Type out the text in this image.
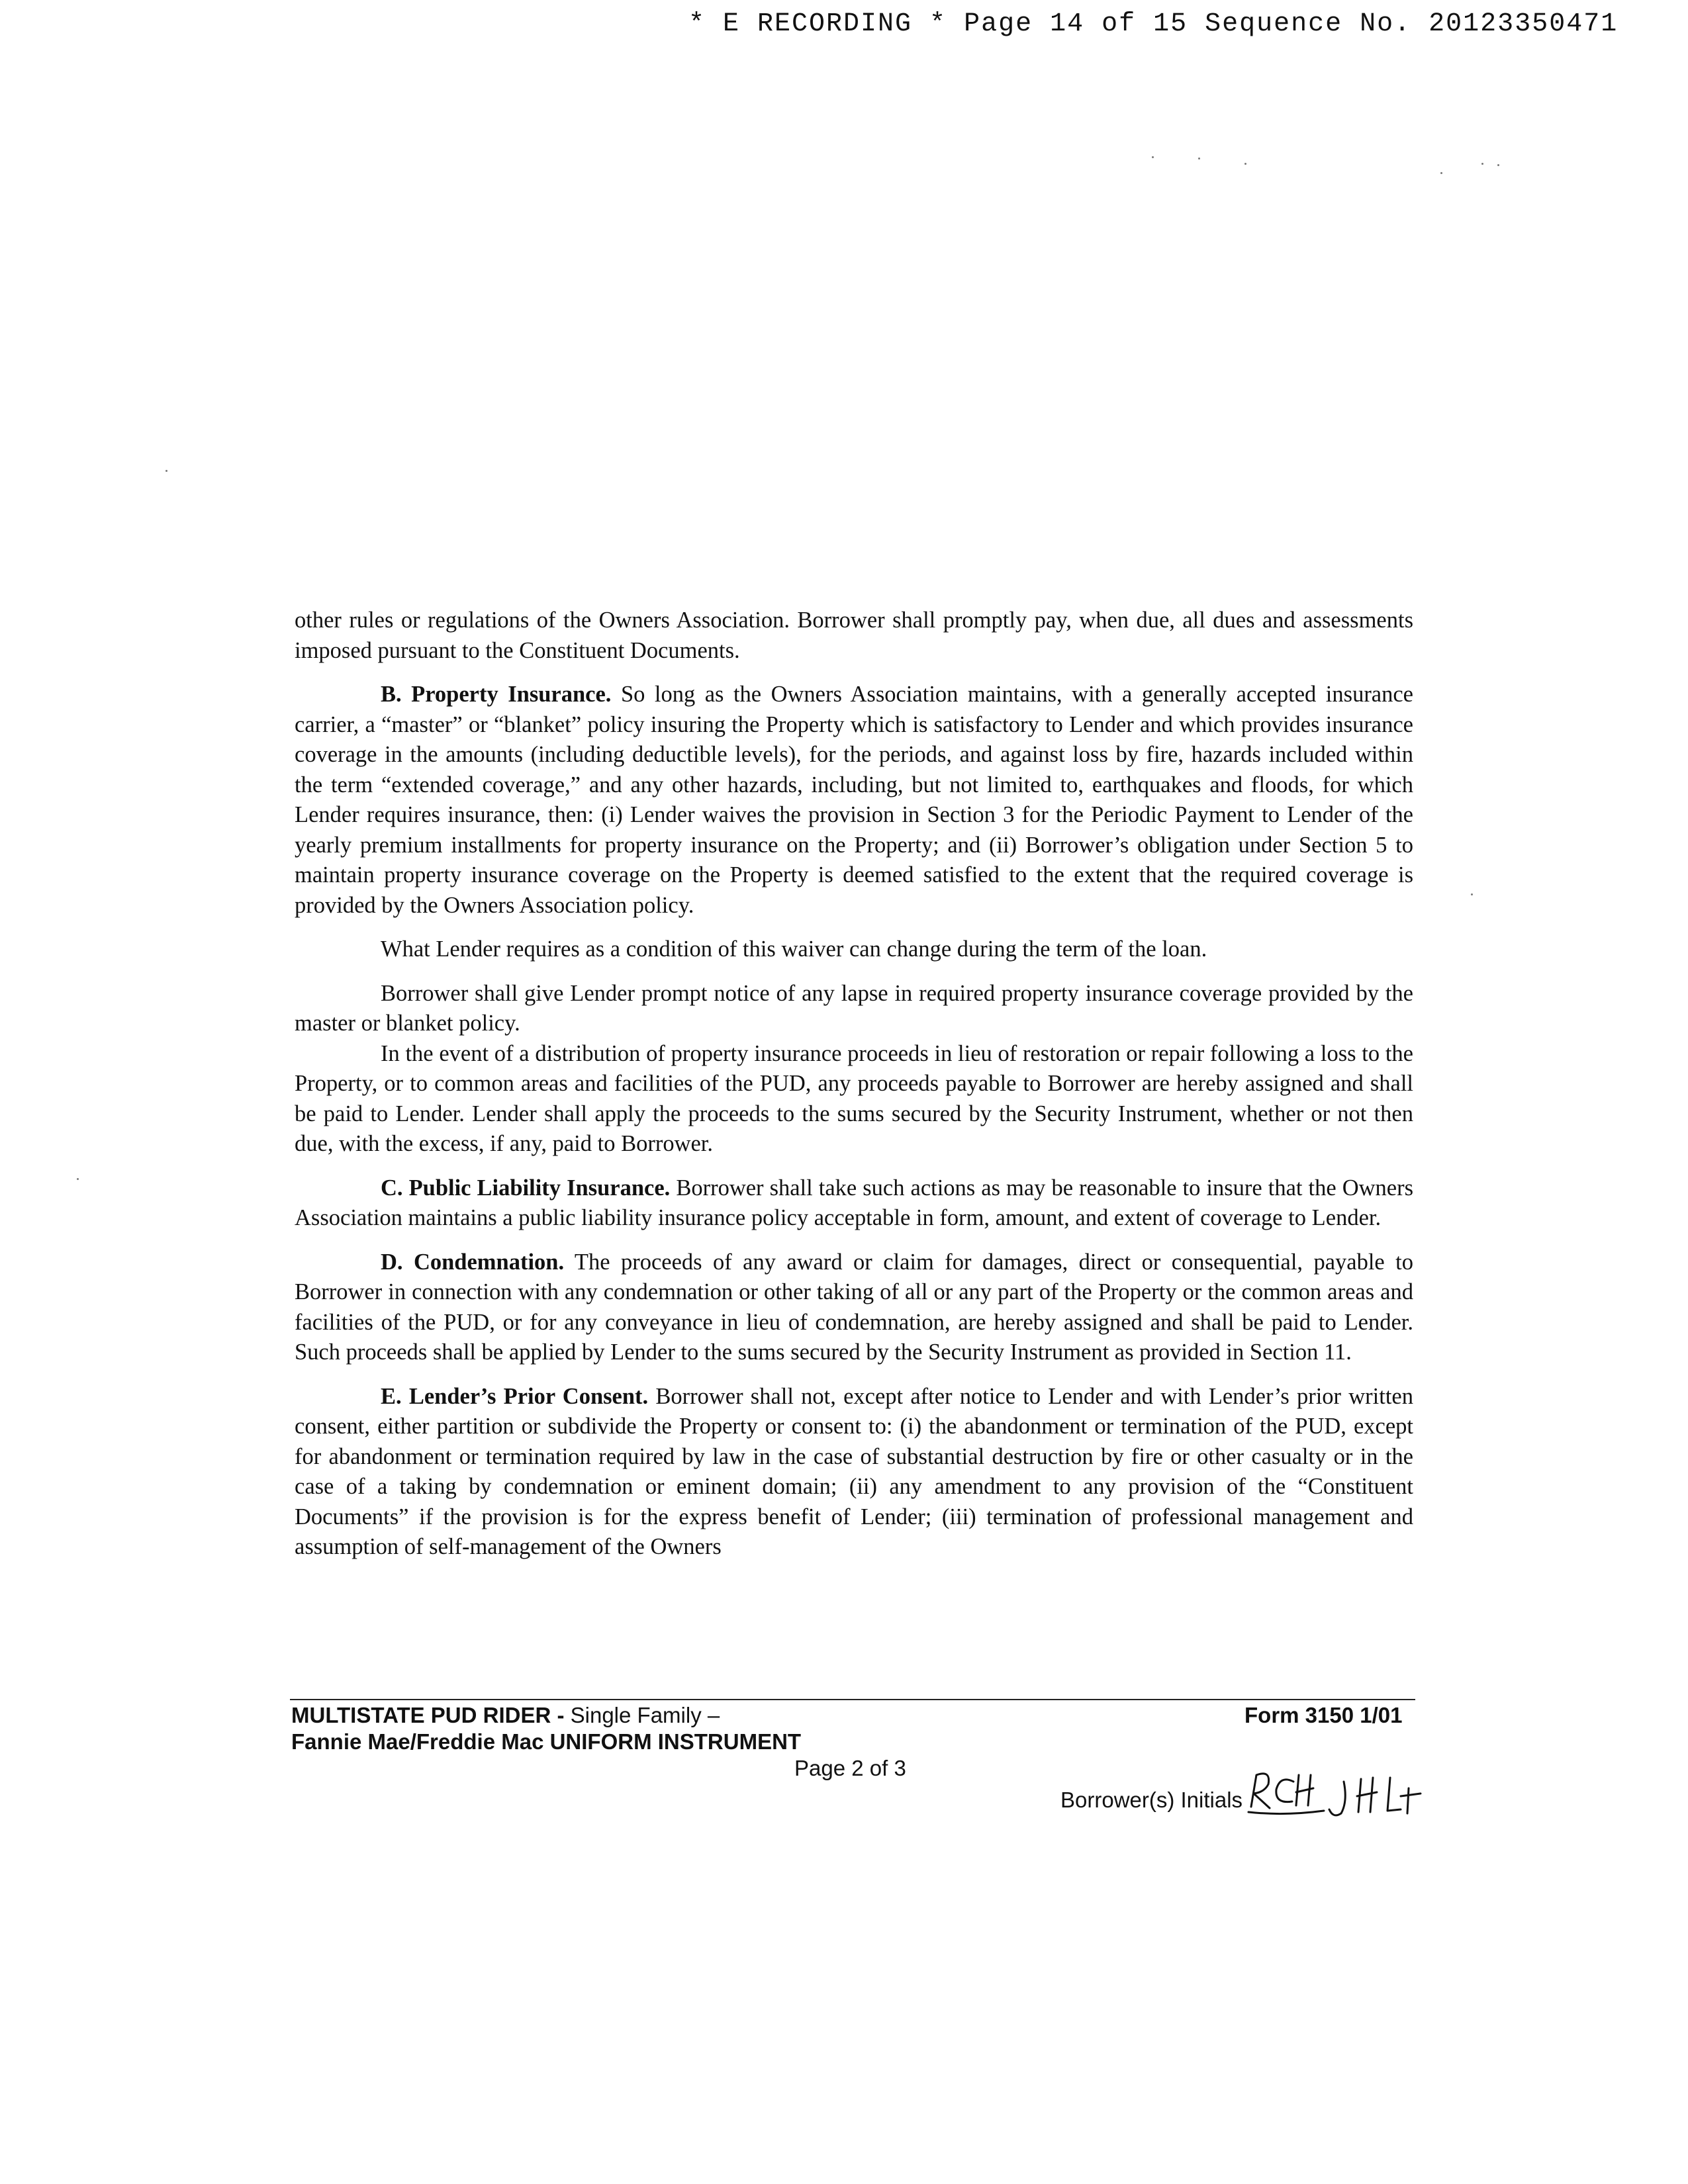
* E RECORDING * Page 14 of 15 Sequence No. 20123350471

other rules or regulations of the Owners Association. Borrower shall promptly pay, when due, all dues and assessments imposed pursuant to the Constituent Documents.

B. Property Insurance. So long as the Owners Association maintains, with a generally accepted insurance carrier, a “master” or “blanket” policy insuring the Property which is satisfactory to Lender and which provides insurance coverage in the amounts (including deductible levels), for the periods, and against loss by fire, hazards included within the term “extended coverage,” and any other hazards, including, but not limited to, earthquakes and floods, for which Lender requires insurance, then: (i) Lender waives the provision in Section 3 for the Periodic Payment to Lender of the yearly premium installments for property insurance on the Property; and (ii) Borrower’s obligation under Section 5 to maintain property insurance coverage on the Property is deemed satisfied to the extent that the required coverage is provided by the Owners Association policy.

What Lender requires as a condition of this waiver can change during the term of the loan.

Borrower shall give Lender prompt notice of any lapse in required property insurance coverage provided by the master or blanket policy.

In the event of a distribution of property insurance proceeds in lieu of restoration or repair following a loss to the Property, or to common areas and facilities of the PUD, any proceeds payable to Borrower are hereby assigned and shall be paid to Lender. Lender shall apply the proceeds to the sums secured by the Security Instrument, whether or not then due, with the excess, if any, paid to Borrower.

C. Public Liability Insurance. Borrower shall take such actions as may be reasonable to insure that the Owners Association maintains a public liability insurance policy acceptable in form, amount, and extent of coverage to Lender.

D. Condemnation. The proceeds of any award or claim for damages, direct or consequential, payable to Borrower in connection with any condemnation or other taking of all or any part of the Property or the common areas and facilities of the PUD, or for any conveyance in lieu of condemnation, are hereby assigned and shall be paid to Lender. Such proceeds shall be applied by Lender to the sums secured by the Security Instrument as provided in Section 11.

E. Lender’s Prior Consent. Borrower shall not, except after notice to Lender and with Lender’s prior written consent, either partition or subdivide the Property or consent to: (i) the abandonment or termination of the PUD, except for abandonment or termination required by law in the case of substantial destruction by fire or other casualty or in the case of a taking by condemnation or eminent domain; (ii) any amendment to any provision of the “Constituent Documents” if the provision is for the express benefit of Lender; (iii) termination of professional management and assumption of self-management of the Owners

MULTISTATE PUD RIDER - Single Family –
Fannie Mae/Freddie Mac UNIFORM INSTRUMENT
Form 3150 1/01
Page 2 of 3
Borrower(s) Initials
